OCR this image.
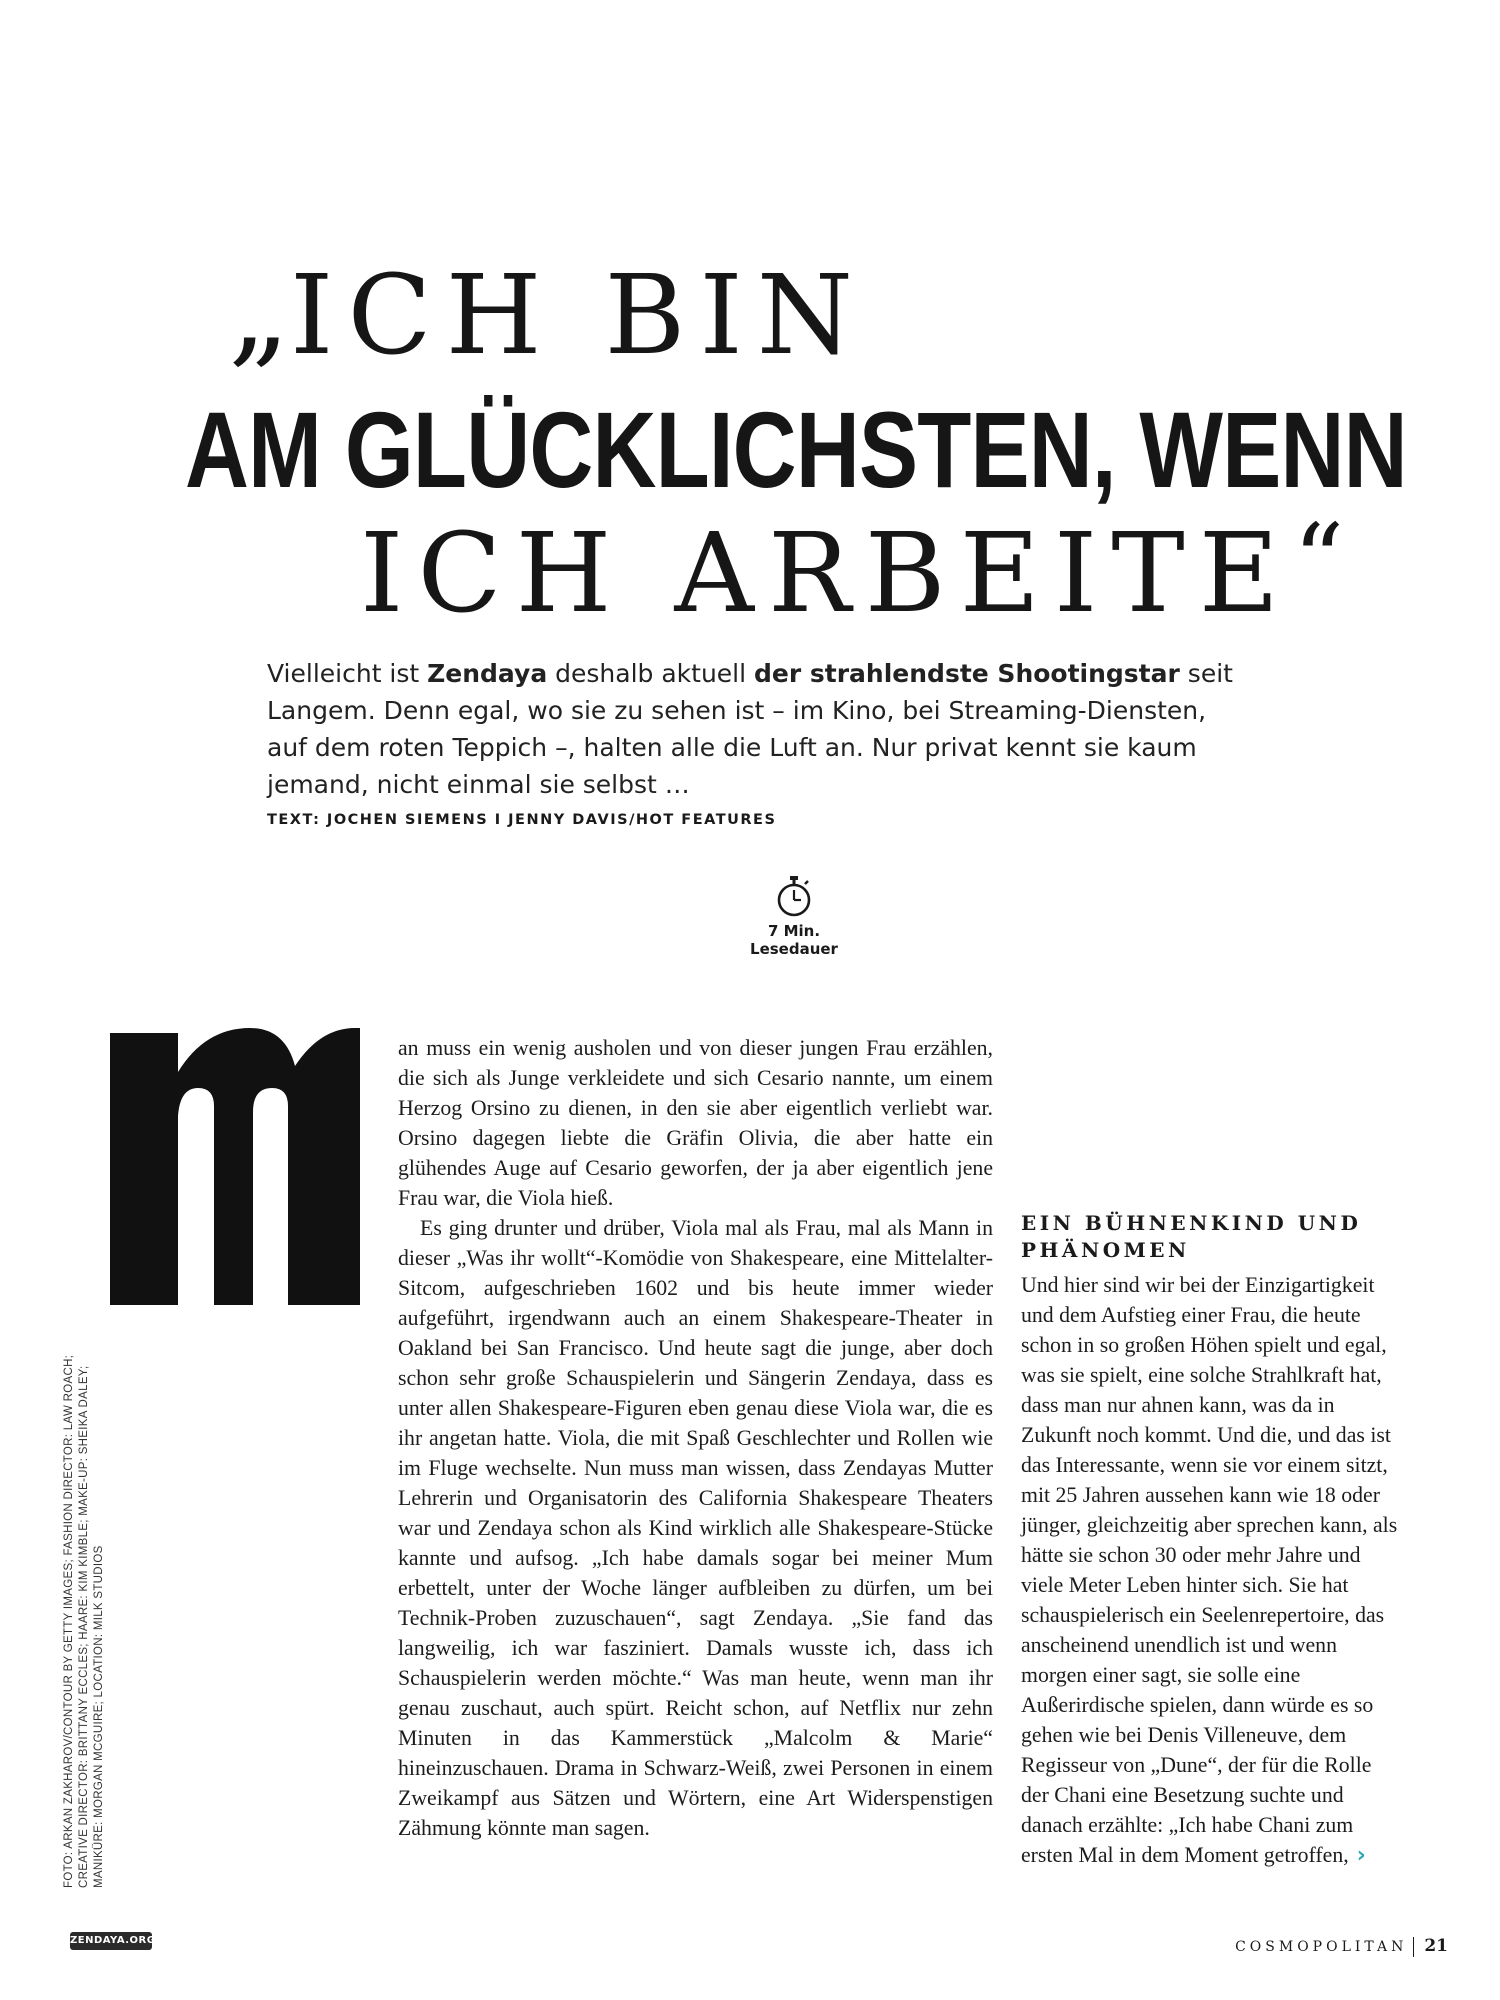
„ ICH BIN
AM GLÜCKLICHSTEN, WENN
ICH ARBEITE“
Vielleicht ist Zendaya deshalb aktuell der strahlendste Shootingstar seit Langem. Denn egal, wo sie zu sehen ist – im Kino, bei Streaming-Diensten, auf dem roten Teppich –, halten alle die Luft an. Nur privat kennt sie kaum jemand, nicht einmal sie selbst …
TEXT: JOCHEN SIEMENS I JENNY DAVIS/HOT FEATURES
7 Min.
Lesedauer

an muss ein wenig ausholen und von dieser jungen Frau erzählen, die sich als Junge verkleidete und sich Cesario nannte, um einem Herzog Orsino zu dienen, in den sie aber eigentlich verliebt war. Orsino dagegen liebte die Gräfin Olivia, die aber hatte ein glühendes Auge auf Cesario geworfen, der ja aber eigentlich jene Frau war, die Viola hieß.

Es ging drunter und drüber, Viola mal als Frau, mal als Mann in dieser „Was ihr wollt“-Komödie von Shakespeare, eine Mittelalter-Sitcom, aufgeschrieben 1602 und bis heute immer wieder aufgeführt, irgendwann auch an einem Shakespeare-Theater in Oakland bei San Francisco. Und heute sagt die junge, aber doch schon sehr große Schauspielerin und Sängerin Zendaya, dass es unter allen Shakespeare-Figuren eben genau diese Viola war, die es ihr angetan hatte. Viola, die mit Spaß Geschlechter und Rollen wie im Fluge wechselte. Nun muss man wissen, dass Zendayas Mutter Lehrerin und Organisatorin des California Shakespeare Theaters war und Zendaya schon als Kind wirklich alle Shakespeare-Stücke kannte und aufsog. „Ich habe damals sogar bei meiner Mum erbettelt, unter der Woche länger aufbleiben zu dürfen, um bei Technik-Proben zuzuschauen“, sagt Zendaya. „Sie fand das langweilig, ich war fasziniert. Damals wusste ich, dass ich Schauspielerin werden möchte.“ Was man heute, wenn man ihr genau zuschaut, auch spürt. Reicht schon, auf Netflix nur zehn Minuten in das Kammerstück „Malcolm & Marie“ hineinzuschauen. Drama in Schwarz-Weiß, zwei Personen in einem Zweikampf aus Sätzen und Wörtern, eine Art Widerspenstigen Zähmung könnte man sagen.

EIN BÜHNENKIND UND PHÄNOMEN

Und hier sind wir bei der Einzigartigkeit und dem Aufstieg einer Frau, die heute schon in so großen Höhen spielt und egal, was sie spielt, eine solche Strahlkraft hat, dass man nur ahnen kann, was da in Zukunft noch kommt. Und die, und das ist das Interessante, wenn sie vor einem sitzt, mit 25 Jahren aussehen kann wie 18 oder jünger, gleichzeitig aber sprechen kann, als hätte sie schon 30 oder mehr Jahre und viele Meter Leben hinter sich. Sie hat schauspielerisch ein Seelenrepertoire, das anscheinend unendlich ist und wenn morgen einer sagt, sie solle eine Außerirdische spielen, dann würde es so gehen wie bei Denis Villeneuve, dem Regisseur von „Dune“, der für die Rolle der Chani eine Besetzung suchte und danach erzählte: „Ich habe Chani zum ersten Mal in dem Moment getroffen, ›

FOTO: ARKAN ZAKHAROV/CONTOUR BY GETTY IMAGES; FASHION DIRECTOR: LAW ROACH; CREATIVE DIRECTOR: BRITTANY ECCLES; HAARE: KIM KIMBLE; MAKE-UP: SHEIKA DALEY; MANIKÜRE: MORGAN MCGUIRE; LOCATION: MILK STUDIOS
ZENDAYA.ORG	COSMOPOLITAN 21
